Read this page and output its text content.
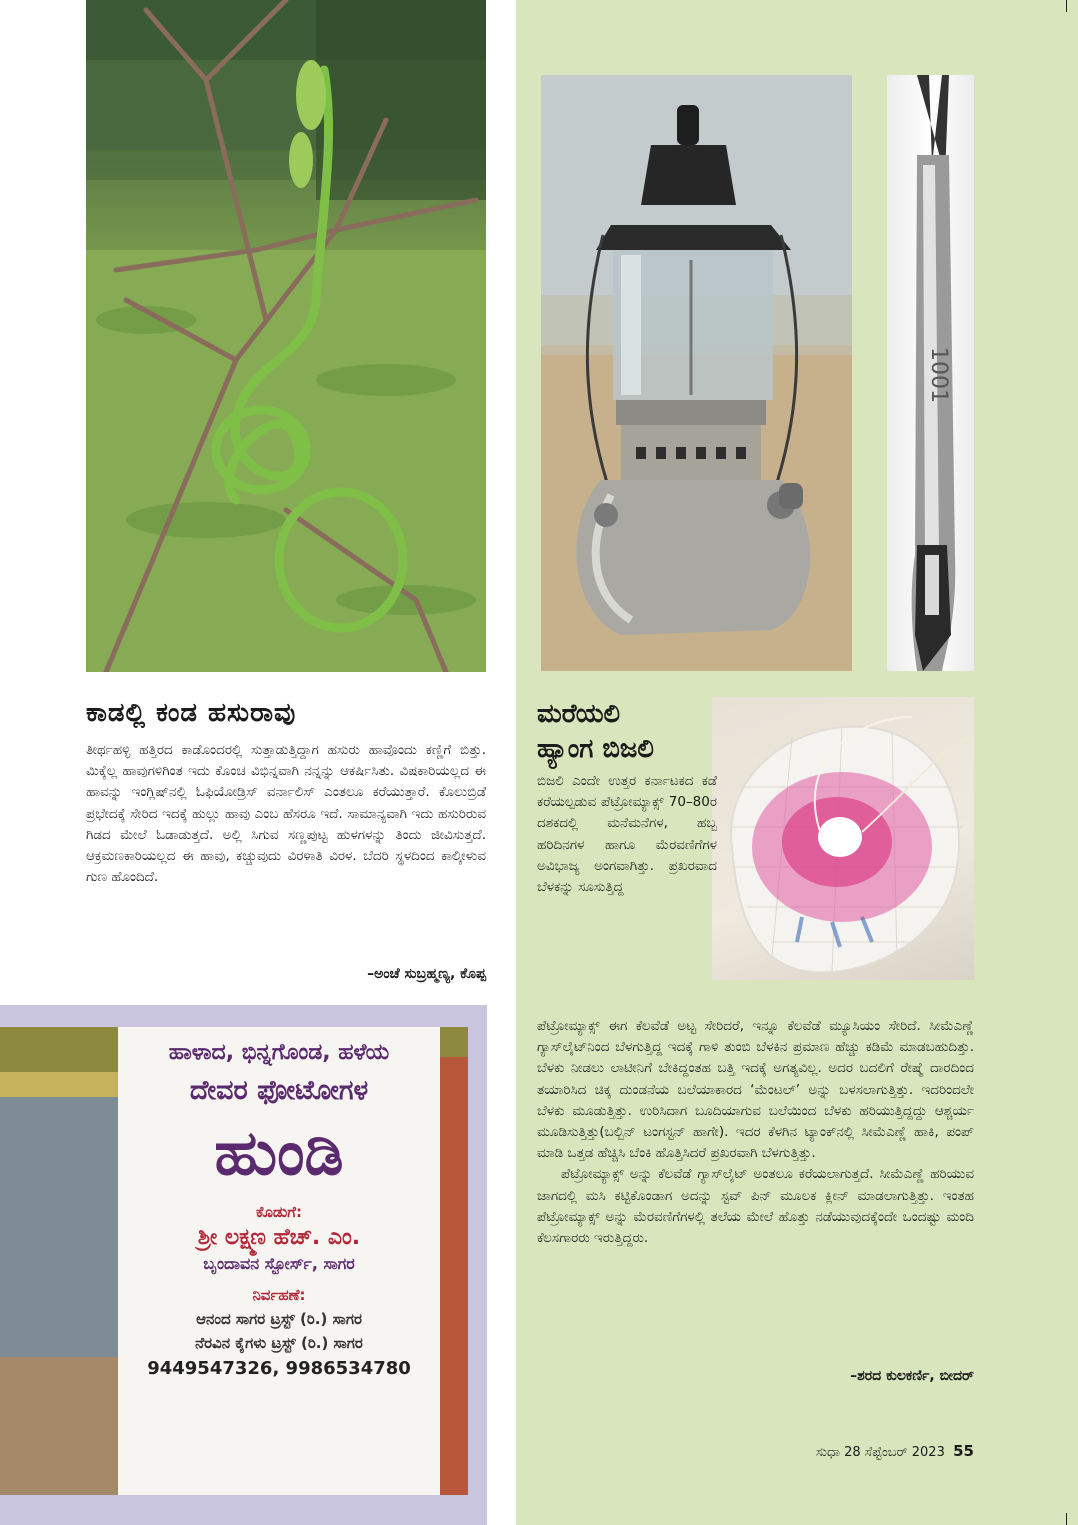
ಕಾಡಲ್ಲಿ ಕಂಡ ಹಸುರಾವು

ತೀರ್ಥಹಳ್ಳಿ ಹತ್ತಿರದ ಕಾಡೊಂದರಲ್ಲಿ ಸುತ್ತಾಡುತ್ತಿದ್ದಾಗ ಹಸುರು ಹಾವೊಂದು ಕಣ್ಣಿಗೆ ಬಿತ್ತು. ಮಿಕ್ಕೆಲ್ಲ ಹಾವುಗಳಿಗಿಂತ ಇದು ಕೊಂಚ ವಿಭಿನ್ನವಾಗಿ ನನ್ನನ್ನು ಆಕರ್ಷಿಸಿತು. ವಿಷಕಾರಿಯಲ್ಲದ ಈ ಹಾವನ್ನು ಇಂಗ್ಲಿಷ್‌ನಲ್ಲಿ ಓಫಿಯೋಡ್ರಿಸ್ ವರ್ನಾಲಿಸ್ ಎಂತಲೂ ಕರೆಯುತ್ತಾರೆ. ಕೊಲುಬ್ರಿಡೆ ಪ್ರಭೇದಕ್ಕೆ ಸೇರಿದ ಇದಕ್ಕೆ ಹುಲ್ಲು ಹಾವು ಎಂಬ ಹೆಸರೂ ಇದೆ. ಸಾಮಾನ್ಯವಾಗಿ ಇದು ಹಸುರಿರುವ ಗಿಡದ ಮೇಲೆ ಓಡಾಡುತ್ತದೆ. ಅಲ್ಲಿ ಸಿಗುವ ಸಣ್ಣಪುಟ್ಟ ಹುಳಗಳನ್ನು ತಿಂದು ಜೀವಿಸುತ್ತದೆ. ಆಕ್ರಮಣಕಾರಿಯಲ್ಲದ ಈ ಹಾವು, ಕಚ್ಚುವುದು ವಿರಳಾತಿ ವಿರಳ. ಬೆದರಿ ಸ್ಥಳದಿಂದ ಕಾಲ್ಕೀಳುವ ಗುಣ ಹೊಂದಿದೆ.

–ಅಂಚೆ ಸುಬ್ರಹ್ಮಣ್ಯ, ಕೊಪ್ಪ

1001
ಮರೆಯಲಿ
ಹ್ಯಾಂಗ ಬಿಜಲಿ

ಬಿಜಲಿ ಎಂದೇ ಉತ್ತರ ಕರ್ನಾಟಕದ ಕಡೆ ಕರೆಯಲ್ಪಡುವ ಪೆಟ್ರೋಮ್ಯಾಕ್ಸ್ 70–80ರ ದಶಕದಲ್ಲಿ ಮನೆಮನೆಗಳ, ಹಬ್ಬ ಹರಿದಿನಗಳ ಹಾಗೂ ಮೆರವಣಿಗೆಗಳ ಅವಿಭಾಜ್ಯ ಅಂಗವಾಗಿತ್ತು. ಪ್ರಖರವಾದ ಬೆಳಕನ್ನು ಸೂಸುತ್ತಿದ್ದ

ಪೆಟ್ರೋಮ್ಯಾಕ್ಸ್ ಈಗ ಕೆಲವೆಡೆ ಅಟ್ಟ ಸೇರಿದರೆ, ಇನ್ನೂ ಕೆಲವೆಡೆ ಮ್ಯೂಸಿಯಂ ಸೇರಿದೆ. ಸೀಮೆಎಣ್ಣೆ ಗ್ಯಾಸ್‌ಲೈಟ್‌ನಿಂದ ಬೆಳಗುತ್ತಿದ್ದ ಇದಕ್ಕೆ ಗಾಳಿ ತುಂಬಿ ಬೆಳಕಿನ ಪ್ರಮಾಣ ಹೆಚ್ಚು ಕಡಿಮೆ ಮಾಡಬಹುದಿತ್ತು. ಬೆಳಕು ನೀಡಲು ಲಾಟೀನಿಗೆ ಬೇಕಿದ್ದಂತಹ ಬತ್ತಿ ಇದಕ್ಕೆ ಅಗತ್ಯವಿಲ್ಲ. ಅದರ ಬದಲಿಗೆ ರೇಷ್ಮೆ ದಾರದಿಂದ ತಯಾರಿಸಿದ ಚಿಕ್ಕ ದುಂಡನೆಯ ಬಲೆಯಾಕಾರದ ‘ಮೆಂಟಲ್’ ಅನ್ನು ಬಳಸಲಾಗುತ್ತಿತ್ತು. ಇದರಿಂದಲೇ ಬೆಳಕು ಮೂಡುತ್ತಿತ್ತು. ಉರಿಸಿದಾಗ ಬೂದಿಯಾಗುವ ಬಲೆಯಿಂದ ಬೆಳಕು ಹರಿಯುತ್ತಿದ್ದದ್ದು ಆಶ್ಚರ್ಯ ಮೂಡಿಸುತ್ತಿತ್ತು(ಬಲ್ಬಿನ್ ಟಂಗಸ್ಟನ್ ಹಾಗೇ). ಇದರ ಕೆಳಗಿನ ಟ್ಯಾಂಕ್‌ನಲ್ಲಿ ಸೀಮೆಎಣ್ಣೆ ಹಾಕಿ, ಪಂಪ್ ಮಾಡಿ ಒತ್ತಡ ಹೆಚ್ಚಿಸಿ ಬೆಂಕಿ ಹೊತ್ತಿಸಿದರೆ ಪ್ರಖರವಾಗಿ ಬೆಳಗುತ್ತಿತ್ತು.

ಪೆಟ್ರೋಮ್ಯಾಕ್ಸ್ ಅನ್ನು ಕೆಲವೆಡೆ ಗ್ಯಾಸ್‌ಲೈಟ್ ಅಂತಲೂ ಕರೆಯಲಾಗುತ್ತದೆ. ಸೀಮೆಎಣ್ಣೆ ಹರಿಯುವ ಜಾಗದಲ್ಲಿ ಮಸಿ ಕಟ್ಟಿಕೊಂಡಾಗ ಅದನ್ನು ಸ್ಟವ್ ಪಿನ್ ಮೂಲಕ ಕ್ಲೀನ್ ಮಾಡಲಾಗುತ್ತಿತ್ತು. ಇಂತಹ ಪೆಟ್ರೋಮ್ಯಾಕ್ಸ್ ಅನ್ನು ಮೆರವಣಿಗೆಗಳಲ್ಲಿ ತಲೆಯ ಮೇಲೆ ಹೊತ್ತು ನಡೆಯುವುದಕ್ಕೆಂದೇ ಒಂದಷ್ಟು ಮಂದಿ ಕೆಲಸಗಾರರು ಇರುತ್ತಿದ್ದರು.

–ಶರದ ಕುಲಕರ್ಣಿ, ಬೀದರ್

ಹಾಳಾದ, ಭಿನ್ನಗೊಂಡ, ಹಳೆಯ
ದೇವರ ಫೋಟೋಗಳ
ಹುಂಡಿ
ಕೊಡುಗೆ:
ಶ್ರೀ ಲಕ್ಷ್ಮಣ ಹೆಚ್. ಎಂ.
ಬೃಂದಾವನ ಸ್ಟೋರ್ಸ್, ಸಾಗರ
ನಿರ್ವಹಣೆ:
ಆನಂದ ಸಾಗರ ಟ್ರಸ್ಟ್ (ರಿ.) ಸಾಗರ
ನೆರವಿನ ಕೈಗಳು ಟ್ರಸ್ಟ್ (ರಿ.) ಸಾಗರ
9449547326, 9986534780
ಸುಧಾ 28 ಸೆಪ್ಟೆಂಬರ್ 2023 55
